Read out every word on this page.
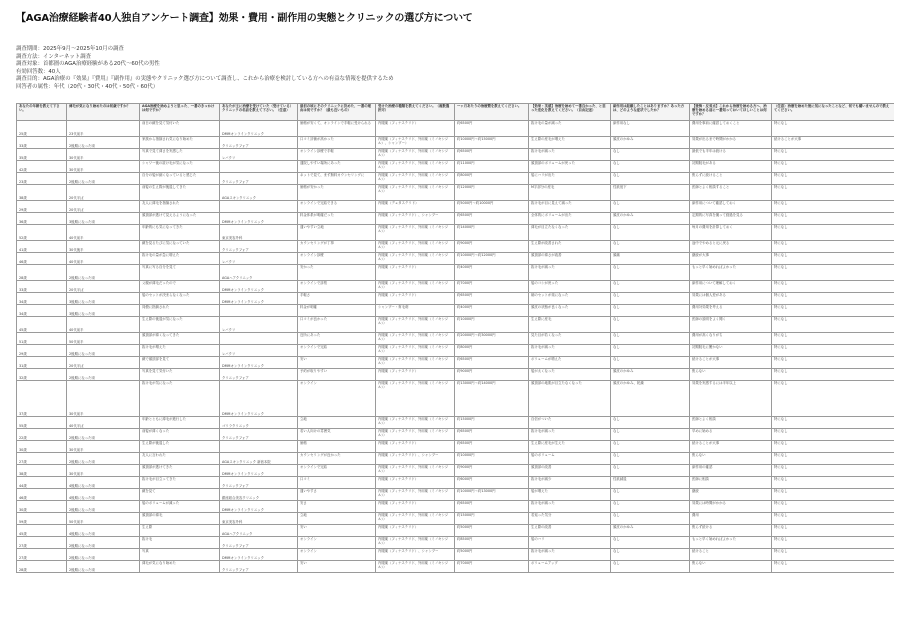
【AGA治療経験者40人独自アンケート調査】効果・費用・副作用の実態とクリニックの選び方について
調査期間：2025年9月〜2025年10月の調査
調査方法：インターネット調査
調査対象：首都圏のAGA治療経験がある20代〜60代の男性
有効回答数：40人
調査目的：AGA治療の『効果』『費用』『副作用』の実態やクリニック選び方について調査し、これから治療を検討している方への有益な情報を提供するため
回答者の属性：年代（20代・30代・40代・50代・60代）
あなたの年齢を教えて下さい。	薄毛が気になり始めたのは何歳ですか？	AGA治療を始めようと思った、一番のきっかけは何ですか？	あなたが主に治療を受けていた（受けている）クリニックの名前を教えて下さい。（任意）	最初の頃にそのクリニックに決めた、一番の理由は何ですか？（最も近いもの）	受けた治療の種類を教えてください。（複数選択可）	一ヶ月あたりの治療費を教えてください。	【効果・実感】治療を始めて一番良かった、と思った変化を教えてください。（自由記述）	副作用は経験したことはありますか？あった方は、どのような症状でしたか？	【後悔・反省点】これから治療を始める方へ、治療を始める前に一番知っておいてほしいことは何ですか？	（任意）治療を始めた後に気になったことなど、何でも構いませんので教えてください。
25歳	23代前半	前日の鏡を見て気付いた	DMMオンラインクリニック	価格が安くて、オンラインで手軽に受けられる	内服薬（フィナステリド）	約6500円	抜け毛の量が減った	副作用なし	費用を事前に確認しておくこと	特になし
33歳	2後期になった頃	家族から指摘され気になり始めた	クリニックフォア	口コミ評価が高かった	内服薬（フィナステリド、外用薬（ミノキシジル）、シャンプー）	約10000円〜約15000円	生え際の産毛が増えた	頭皮のかゆみ	効果が出るまで時間がかかる	続けることが大事
35歳	30代前半	写真で見て薄さを実感した	レバクリ	オンライン診療で手軽	内服薬（フィナステリド、外用薬（ミノキシジル））	約6500円	抜け毛が減った	なし	最低でも半年は続ける	特になし
42歳	30代前半	シャワー後の抜け毛が気になった		通院しやすい場所にあった	内服薬（フィナステリド、外用薬（ミノキシジル））	約11000円	頭頂部のボリュームが戻った	なし	初期脱毛がある	特になし
23歳	2後期になった頃	自分の髪が細くなっていると感じた	クリニックフォア	ネットで見て、まず無料カウンセリングに	内服薬（フィナステリド、外用薬（ミノキシジル））	約8000円	髪にハリが出た	なし	焦らずに続けること	特になし
38歳	20代半ば	前髪の生え際が後退してきた	AGAスキンクリニック	価格が安かった	内服薬（フィナステリド、外用薬（ミノキシジル））	約12000円	M字部分の産毛	性欲低下	医師とよく相談すること	特になし
29歳	20代半ば	友人に薄毛を指摘された		オンラインで完結できる	内服薬（デュタステリド）	約5000円〜約10000円	抜け毛が目に見えて減った	なし	副作用について確認しておく	特になし
36歳	3後期になった頃	頭頂部が透けて見えるようになった	DMMオンラインクリニック	料金体系が明確だった	内服薬（フィナステリド）、シャンプー	約6500円	全体的にボリュームが出た	頭皮のかゆみ	定期的に写真を撮って経過を見る	特になし
52歳	40代前半	年齢的にも気になってきた	東京美容外科	通いやすい立地	内服薬（フィナステリド、外用薬（ミノキシジル））	約14000円	薄毛が目立たなくなった	なし	毎月の費用を計算しておく	特になし
41歳	30代後半	鏡を見るたびに気になっていた	クリニックフォア	カウンセリングが丁寧	内服薬（フィナステリド、外用薬（ミノキシジル））	約9000円	生え際が改善された	なし	途中でやめると元に戻る	特になし
46歳	40代前半	抜け毛の量が急に増えた	レバクリ	オンライン診療	内服薬（フィナステリド、外用薬（ミノキシジル））	約10000円〜約12000円	頭頂部の薄さが改善	頭痛	継続が大事	特になし
28歳	2後期になった頃	写真に写る自分を見て	AGAヘアクリニック	安かった	内服薬（フィナステリド）	約4000円	抜け毛が減った	なし	もっと早く始めればよかった	特になし
33歳	20代半ば	父親が薄毛だったので	DMMオンラインクリニック	オンラインで診察	内服薬（フィナステリド、外用薬（ミノキシジル））	約7000円	髪のコシが戻った	なし	副作用について理解しておく	特になし
34歳	3後期になった頃	髪のセットが決まらなくなった	DMMオンラインクリニック	手軽さ	内服薬（フィナステリド）	約6500円	朝のセットが楽になった	なし	効果には個人差がある	特になし
34歳	3後期になった頃	同僚に指摘された		料金が明確	シャンプー・育毛剤	約4000円	頭皮の状態が良くなった	なし	費用対効果を考える	特になし
45歳	40代前半	生え際の後退が気になった	レバクリ	口コミが良かった	内服薬（フィナステリド、外用薬（ミノキシジル））	約10000円	生え際に産毛	なし	医師の説明をよく聞く	特になし
51歳	50代前半	頭頂部が薄くなってきた		近所にあった	内服薬（フィナステリド、外用薬（ミノキシジル））	約20000円〜約30000円	見た目が若くなった	なし	費用が高くなりがち	特になし
29歳	2後期になった頃	抜け毛が増えた	レバクリ	オンラインで完結	内服薬（フィナステリド、外用薬（ミノキシジル））	約8000円	抜け毛が減った	なし	初期脱毛に驚かない	特になし
31歳	20代半ば	鏡で頭頂部を見て	DMMオンラインクリニック	安い	内服薬（フィナステリド、外用薬（ミノキシジル））	約6500円	ボリュームが増えた	なし	続けることが大事	特になし
32歳	2後期になった頃	写真を見て気付いた	クリニックフォア	予約が取りやすい	内服薬（フィナステリド）	約9000円	髪が太くなった	頭皮のかゆみ	焦らない	特になし
37歳	30代前半	抜け毛が気になった	DMMオンラインクリニック	オンライン	内服薬（フィナステリド、外用薬（ミノキシジル））	約13000円〜約14000円	頭頂部の地肌が目立たなくなった	頭皮のかゆみ、乾燥	効果を実感するには半年以上	特になし
55歳	40代半ば	年齢とともに薄毛が進行した	ゴリラクリニック	立地	内服薬（フィナステリド、外用薬（ミノキシジル））	約15000円	自信がついた	なし	医師とよく相談	特になし
22歳	2後期になった頃	前髪が薄くなった	クリニックフォア	若い人向けの雰囲気	内服薬（フィナステリド、外用薬（ミノキシジル））	約6500円	抜け毛が減った	なし	早めに始める	特になし
30歳	30代前半	生え際が後退した		価格	内服薬（フィナステリド）	約6500円	生え際に産毛が生えた	なし	続けることが大事	特になし
27歳	2後期になった頃	友人に言われた	AGAスキンクリニック 新宿本院	カウンセリングが良かった	内服薬（フィナステリド）、シャンプー	約10000円	髪のボリューム	なし	焦らない	特になし
38歳	30代前半	頭頂部が透けてきた	DMMオンラインクリニック	オンラインで完結	内服薬（フィナステリド、外用薬（ミノキシジル））	約9000円	頭頂部の改善	なし	副作用の確認	特になし
44歳	4後期になった頃	抜け毛が目立ってきた	クリニックフォア	口コミ	内服薬（フィナステリド）	約6000円	抜け毛が減少	性欲減退	医師に相談	特になし
46歳	4後期になった頃	鏡を見て	銀座総合美容クリニック	通いやすさ	内服薬（フィナステリド、外用薬（ミノキシジル））	約10000円〜約13000円	髪が増えた	なし	継続	特になし
30歳	2後期になった頃	髪のボリュームが減った	DMMオンラインクリニック	安さ	内服薬（フィナステリド）	約6500円	抜け毛が減った	なし	効果には時間がかかる	特になし
59歳	50代前半	頭頂部の薄毛	東京美容外科	立地	内服薬（フィナステリド、外用薬（ミノキシジル））	約15000円	若返った気分	なし	費用	特になし
45歳	4後期になった頃	生え際	AGAヘアクリニック	安い	内服薬（フィナステリド）	約5000円	生え際の改善	頭皮のかゆみ	焦らず続ける	特になし
27歳	2後期になった頃	抜け毛	クリニックフォア	オンライン	内服薬（フィナステリド、外用薬（ミノキシジル））	約8500円	髪のハリ	なし	もっと早く始めればよかった	特になし
27歳	2後期になった頃	写真	DMMオンラインクリニック	オンライン	内服薬（フィナステリド）、シャンプー	約5000円	抜け毛が減った	なし	続けること	特になし
28歳	2後期になった頃	薄毛が気になり始めた	クリニックフォア	安い	内服薬（フィナステリド、外用薬（ミノキシジル））	約7000円	ボリュームアップ	なし	焦らない	特になし
